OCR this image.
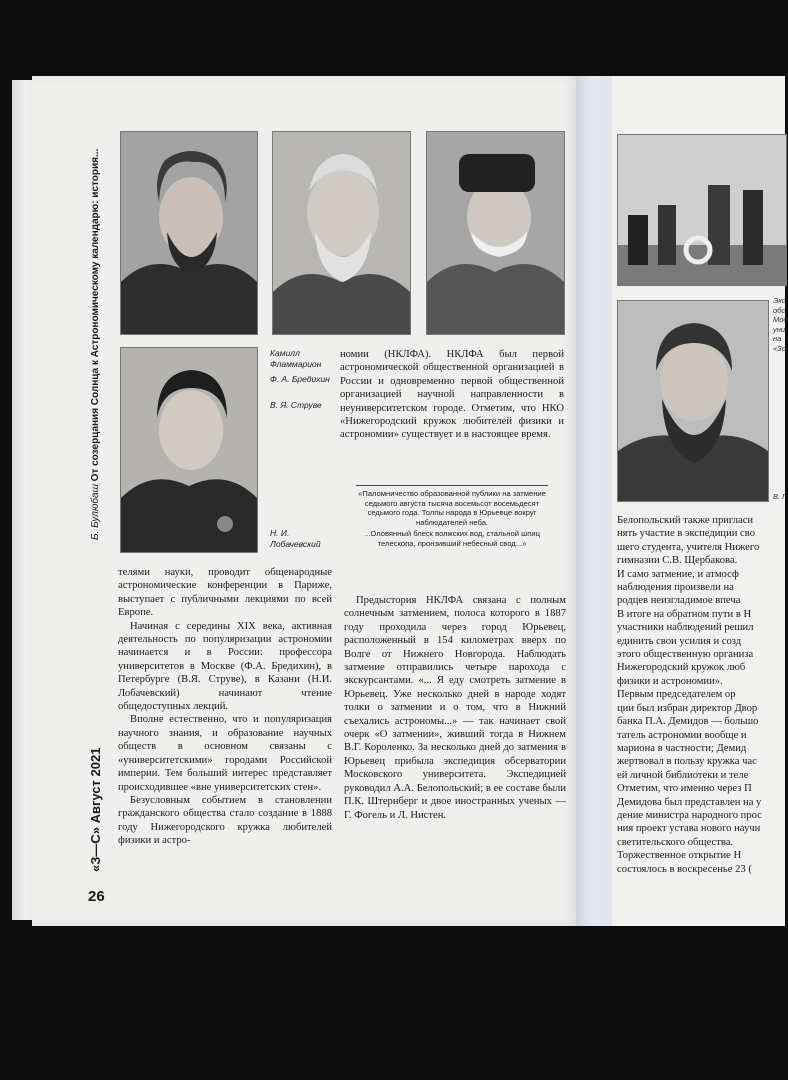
Б. Булюбаш От созерцания Солнца к Астрономическому календарю: история...
«З—С» Август 2021
26
Камилл Фламмарион
Ф. А. Бредихин
В. Я. Струве
Н. И. Лобачевский

номии (НКЛФА). НКЛФА был первой астрономической общественной организацией в России и одновременно первой общественной организацией научной направленности в неуниверситетском городе. Отметим, что НКО «Нижегородский кружок любителей физики и астрономии» существует и в настоящее время.

«Паломничество образованной публики на затмение седьмого августа тысяча восемьсот восемьдесят седьмого года. Толпы народа в Юрьевце вокруг наблюдателей неба.
...Оловянный блеск волжских вод, стальной шпиц телескопа, пронзивший небесный свод...»

телями науки, проводит общенародные астрономические конференции в Париже, выступает с публичными лекциями по всей Европе.

Начиная с середины XIX века, активная деятельность по популяризации астрономии начинается и в России: профессора университетов в Москве (Ф.А. Бредихин), в Петербурге (В.Я. Струве), в Казани (Н.И. Лобачевский) начинают чтение общедоступных лекций.

Вполне естественно, что и популяризация научного знания, и образование научных обществ в основном связаны с «университетскими» городами Российской империи. Тем больший интерес представляет происходившее «вне университетских стен».

Безусловным событием в становлении гражданского общества стало создание в 1888 году Нижегородского кружка любителей физики и астро-

Предыстория НКЛФА связана с полным солнечным затмением, полоса которого в 1887 году проходила через город Юрьевец, расположенный в 154 километрах вверх по Волге от Нижнего Новгорода. Наблюдать затмение отправились четыре парохода с экскурсантами. «... Я еду смотреть затмение в Юрьевец. Уже несколько дней в народе ходят толки о затмении и о том, что в Нижний съехались астрономы...» — так начинает свой очерк «О затмении», живший тогда в Нижнем В.Г. Короленко. За несколько дней до затмения в Юрьевец прибыла экспедиция обсерватории Московского университета. Экспедицией руководил А.А. Белопольский; в ее составе были П.К. Штернберг и двое иностранных ученых — Г. Фогель и Л. Нистен.

Экс
обс
Мос
уни
на
«Зо
В. Г.

Белопольский также пригласи

нять участие в экспедиции сво

шего студента, учителя Нижего

гимназии С.В. Щербакова.

И само затмение, и атмосф

наблюдения произвели на

родцев неизгладимое впеча

В итоге на обратном пути в Н

участники наблюдений решил

единить свои усилия и созд

этого общественную организа

Нижегородский кружок люб

физики и астрономии».

Первым председателем ор

ции был избран директор Двор

банка П.А. Демидов — большо

татель астрономии вообще и

мариона в частности; Демид

жертвовал в пользу кружка час

ей личной библиотеки и теле

Отметим, что именно через П

Демидова был представлен на у

дение министра народного прос

ния проект устава нового научн

светительского общества.

Торжественное открытие Н

состоялось в воскресенье 23 (
